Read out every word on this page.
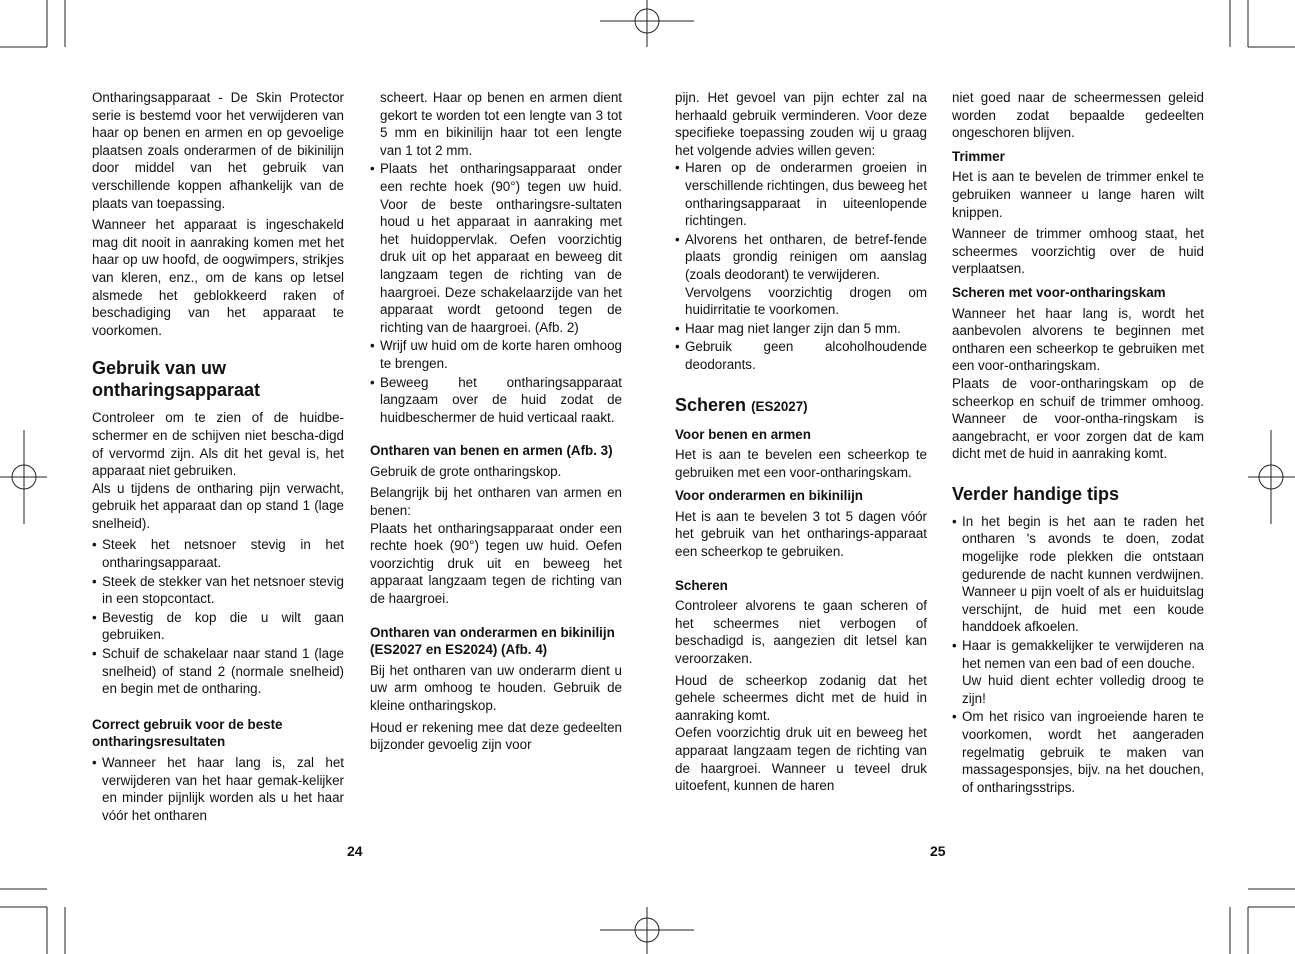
Ontharingsapparaat - De Skin Protector serie is bestemd voor het verwijderen van haar op benen en armen en op gevoelige plaatsen zoals onderarmen of de bikinilijn door middel van het gebruik van verschillende koppen afhankelijk van de plaats van toepassing.

Wanneer het apparaat is ingeschakeld mag dit nooit in aanraking komen met het haar op uw hoofd, de oogwimpers, strikjes van kleren, enz., om de kans op letsel alsmede het geblokkeerd raken of beschadiging van het apparaat te voorkomen.

Gebruik van uw ontharingsapparaat

Controleer om te zien of de huidbe-schermer en de schijven niet bescha-digd of vervormd zijn. Als dit het geval is, het apparaat niet gebruiken.

Als u tijdens de ontharing pijn verwacht, gebruik het apparaat dan op stand 1 (lage snelheid).

• Steek het netsnoer stevig in het ontharingsapparaat.
• Steek de stekker van het netsnoer stevig in een stopcontact.
• Bevestig de kop die u wilt gaan gebruiken.
• Schuif de schakelaar naar stand 1 (lage snelheid) of stand 2 (normale snelheid) en begin met de ontharing.
Correct gebruik voor de beste ontharingsresultaten
• Wanneer het haar lang is, zal het verwijderen van het haar gemak-kelijker en minder pijnlijk worden als u het haar vóór het ontharen

scheert. Haar op benen en armen dient gekort te worden tot een lengte van 3 tot 5 mm en bikinilijn haar tot een lengte van 1 tot 2 mm.

• Plaats het ontharingsapparaat onder een rechte hoek (90°) tegen uw huid. Voor de beste ontharingsre-sultaten houd u het apparaat in aanraking met het huidoppervlak. Oefen voorzichtig druk uit op het apparaat en beweeg dit langzaam tegen de richting van de haargroei. Deze schakelaarzijde van het apparaat wordt getoond tegen de richting van de haargroei. (Afb. 2)
• Wrijf uw huid om de korte haren omhoog te brengen.
• Beweeg het ontharingsapparaat langzaam over de huid zodat de huidbeschermer de huid verticaal raakt.
Ontharen van benen en armen (Afb. 3)

Gebruik de grote ontharingskop.

Belangrijk bij het ontharen van armen en benen:

Plaats het ontharingsapparaat onder een rechte hoek (90°) tegen uw huid. Oefen voorzichtig druk uit en beweeg het apparaat langzaam tegen de richting van de haargroei.

Ontharen van onderarmen en bikinilijn (ES2027 en ES2024) (Afb. 4)

Bij het ontharen van uw onderarm dient u uw arm omhoog te houden. Gebruik de kleine ontharingskop.

Houd er rekening mee dat deze gedeelten bijzonder gevoelig zijn voor

pijn. Het gevoel van pijn echter zal na herhaald gebruik verminderen. Voor deze specifieke toepassing zouden wij u graag het volgende advies willen geven:

• Haren op de onderarmen groeien in verschillende richtingen, dus beweeg het ontharingsapparaat in uiteenlopende richtingen.
• Alvorens het ontharen, de betref-fende plaats grondig reinigen om aanslag (zoals deodorant) te verwijderen.
Vervolgens voorzichtig drogen om huidirritatie te voorkomen.
• Haar mag niet langer zijn dan 5 mm.
• Gebruik geen alcoholhoudende deodorants.
Scheren (ES2027)
Voor benen en armen

Het is aan te bevelen een scheerkop te gebruiken met een voor-ontharingskam.

Voor onderarmen en bikinilijn

Het is aan te bevelen 3 tot 5 dagen vóór het gebruik van het ontharings-apparaat een scheerkop te gebruiken.

Scheren

Controleer alvorens te gaan scheren of het scheermes niet verbogen of beschadigd is, aangezien dit letsel kan veroorzaken.

Houd de scheerkop zodanig dat het gehele scheermes dicht met de huid in aanraking komt.

Oefen voorzichtig druk uit en beweeg het apparaat langzaam tegen de richting van de haargroei. Wanneer u teveel druk uitoefent, kunnen de haren

niet goed naar de scheermessen geleid worden zodat bepaalde gedeelten ongeschoren blijven.

Trimmer

Het is aan te bevelen de trimmer enkel te gebruiken wanneer u lange haren wilt knippen.

Wanneer de trimmer omhoog staat, het scheermes voorzichtig over de huid verplaatsen.

Scheren met voor-ontharingskam

Wanneer het haar lang is, wordt het aanbevolen alvorens te beginnen met ontharen een scheerkop te gebruiken met een voor-ontharingskam.

Plaats de voor-ontharingskam op de scheerkop en schuif de trimmer omhoog. Wanneer de voor-ontha-ringskam is aangebracht, er voor zorgen dat de kam dicht met de huid in aanraking komt.

Verder handige tips
• In het begin is het aan te raden het ontharen 's avonds te doen, zodat mogelijke rode plekken die ontstaan gedurende de nacht kunnen verdwijnen. Wanneer u pijn voelt of als er huiduitslag verschijnt, de huid met een koude handdoek afkoelen.
• Haar is gemakkelijker te verwijderen na het nemen van een bad of een douche.
Uw huid dient echter volledig droog te zijn!
• Om het risico van ingroeiende haren te voorkomen, wordt het aangeraden regelmatig gebruik te maken van massagesponsjes, bijv. na het douchen, of ontharingsstrips.
24	25
